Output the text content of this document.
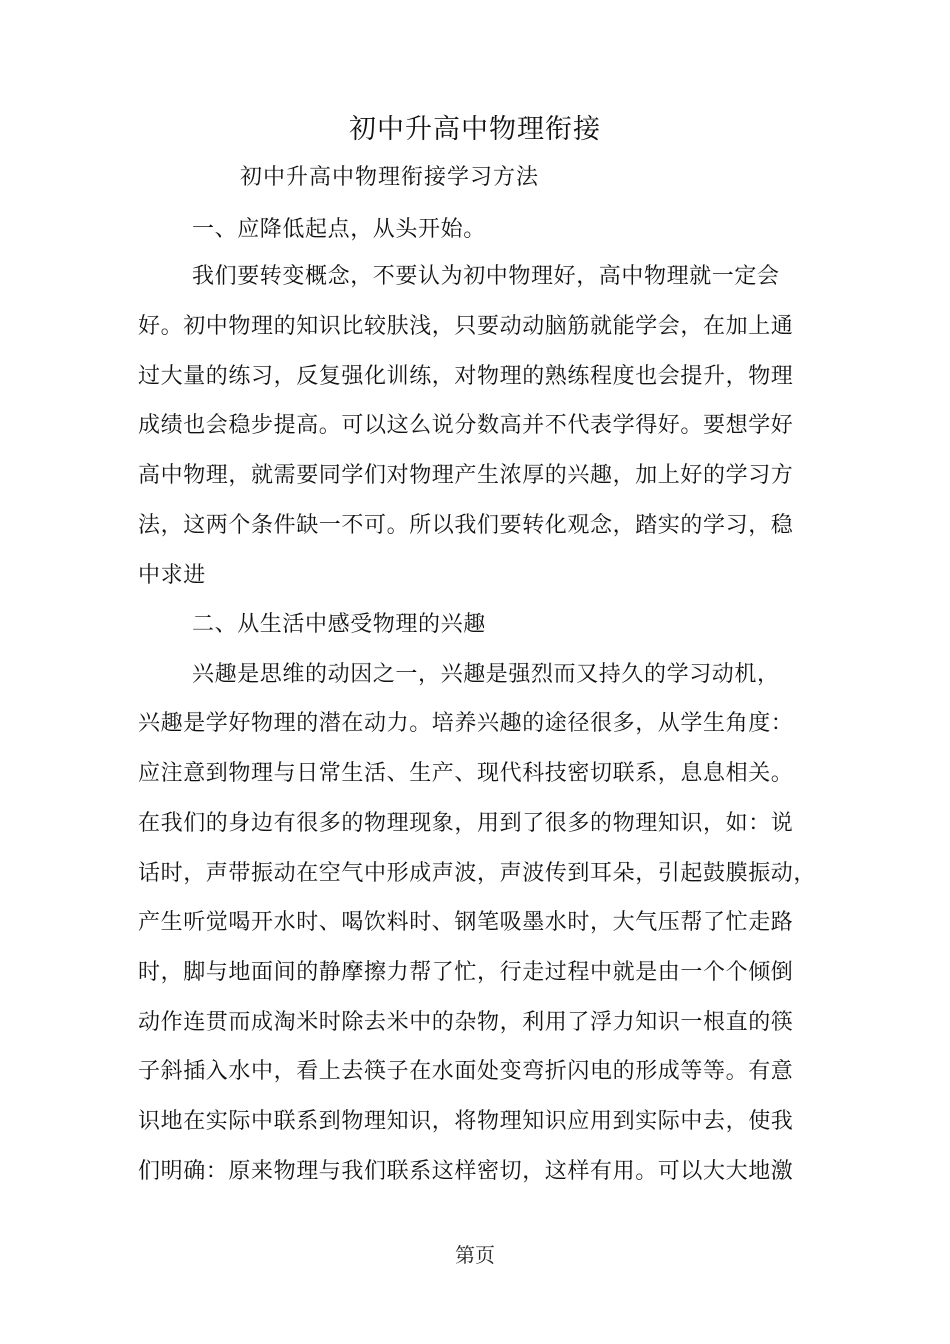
初中升高中物理衔接
初中升高中物理衔接学习方法
一、应降低起点，从头开始。
我们要转变概念，不要认为初中物理好，高中物理就一定会
好。初中物理的知识比较肤浅，只要动动脑筋就能学会，在加上通
过大量的练习，反复强化训练，对物理的熟练程度也会提升，物理
成绩也会稳步提高。可以这么说分数高并不代表学得好。要想学好
高中物理，就需要同学们对物理产生浓厚的兴趣，加上好的学习方
法，这两个条件缺一不可。所以我们要转化观念，踏实的学习，稳
中求进
二、从生活中感受物理的兴趣
兴趣是思维的动因之一，兴趣是强烈而又持久的学习动机，
兴趣是学好物理的潜在动力。培养兴趣的途径很多，从学生角度：
应注意到物理与日常生活、生产、现代科技密切联系，息息相关。
在我们的身边有很多的物理现象，用到了很多的物理知识，如：说
话时，声带振动在空气中形成声波，声波传到耳朵，引起鼓膜振动，
产生听觉喝开水时、喝饮料时、钢笔吸墨水时，大气压帮了忙走路
时，脚与地面间的静摩擦力帮了忙，行走过程中就是由一个个倾倒
动作连贯而成淘米时除去米中的杂物，利用了浮力知识一根直的筷
子斜插入水中，看上去筷子在水面处变弯折闪电的形成等等。有意
识地在实际中联系到物理知识，将物理知识应用到实际中去，使我
们明确：原来物理与我们联系这样密切，这样有用。可以大大地激
第页
